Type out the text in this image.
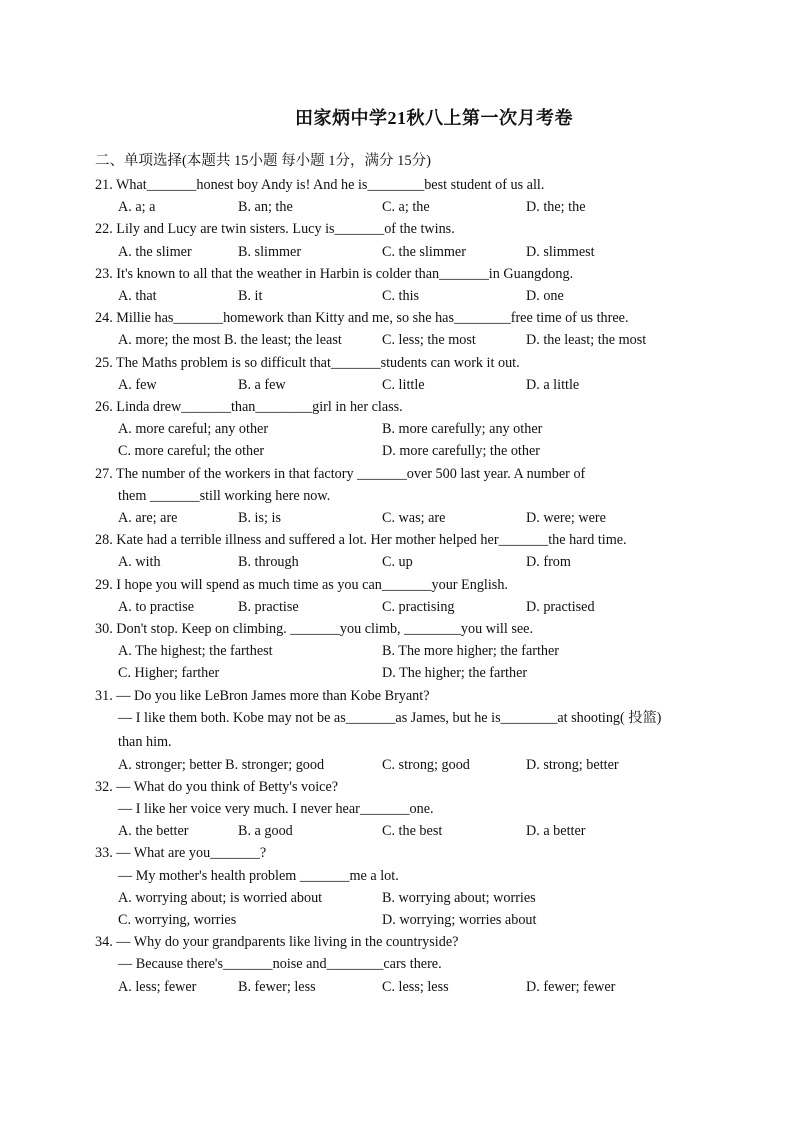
田家炳中学21秋八上第一次月考卷
二、单项选择(本题共 15小题 每小题 1分，满分 15分)
21. What_______honest boy Andy is! And he is________best student of us all.
A. a; a	B. an; the	C. a; the	D. the; the
22. Lily and Lucy are twin sisters. Lucy is_______of the twins.
A. the slimer	B. slimmer	C. the slimmer	D. slimmest
23. It's known to all that the weather in Harbin is colder than_______in Guangdong.
A. that	B. it	C. this	D. one
24. Millie has_______homework than Kitty and me, so she has________free time of us three.
A. more; the most B. the least; the least	C. less; the most	D. the least; the most
25. The Maths problem is so difficult that_______students can work it out.
A. few	B. a few	C. little	D. a little
26. Linda drew_______than________girl in her class.
A. more careful; any other	B. more carefully; any other
C. more careful; the other	D. more carefully; the other
27. The number of the workers in that factory _______over 500 last year. A number of
them _______still working here now.
A. are; are	B. is; is	C. was; are	D. were; were
28. Kate had a terrible illness and suffered a lot. Her mother helped her_______the hard time.
A. with	B. through	C. up	D. from
29. I hope you will spend as much time as you can_______your English.
A. to practise	B. practise	C. practising	D. practised
30. Don't stop. Keep on climbing. _______you climb, ________you will see.
A. The highest; the farthest	B. The more higher; the farther
C. Higher; farther	D. The higher; the farther
31. — Do you like LeBron James more than Kobe Bryant?
— I like them both. Kobe may not be as_______as James, but he is________at shooting( 投篮)
than him.
A. stronger; better B. stronger; good	C. strong; good	D. strong; better
32. — What do you think of Betty's voice?
— I like her voice very much. I never hear_______one.
A. the better	B. a good	C. the best	D. a better
33. — What are you_______?
— My mother's health problem _______me a lot.
A. worrying about; is worried about	B. worrying about; worries
C. worrying, worries	D. worrying; worries about
34. — Why do your grandparents like living in the countryside?
— Because there's_______noise and________cars there.
A. less; fewer	B. fewer; less	C. less; less	D. fewer; fewer
